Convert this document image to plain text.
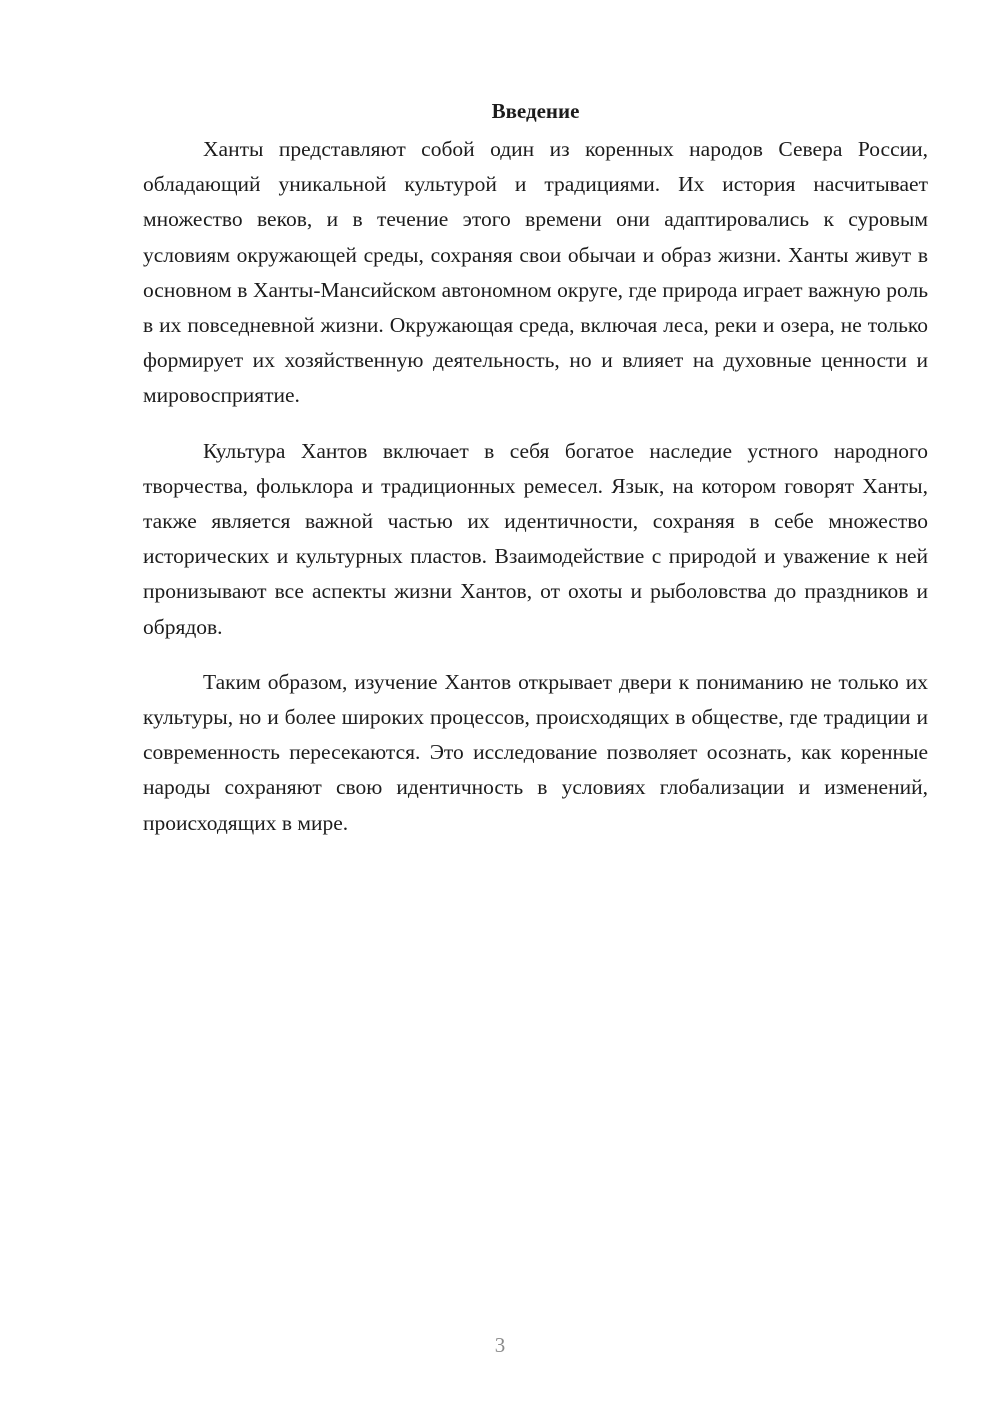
Введение

Ханты представляют собой один из коренных народов Севера России, обладающий уникальной культурой и традициями. Их история насчитывает множество веков, и в течение этого времени они адаптировались к суровым условиям окружающей среды, сохраняя свои обычаи и образ жизни. Ханты живут в основном в Ханты-Мансийском автономном округе, где природа играет важную роль в их повседневной жизни. Окружающая среда, включая леса, реки и озера, не только формирует их хозяйственную деятельность, но и влияет на духовные ценности и мировосприятие.

Культура Хантов включает в себя богатое наследие устного народного творчества, фольклора и традиционных ремесел. Язык, на котором говорят Ханты, также является важной частью их идентичности, сохраняя в себе множество исторических и культурных пластов. Взаимодействие с природой и уважение к ней пронизывают все аспекты жизни Хантов, от охоты и рыболовства до праздников и обрядов.

Таким образом, изучение Хантов открывает двери к пониманию не только их культуры, но и более широких процессов, происходящих в обществе, где традиции и современность пересекаются. Это исследование позволяет осознать, как коренные народы сохраняют свою идентичность в условиях глобализации и изменений, происходящих в мире.

3
